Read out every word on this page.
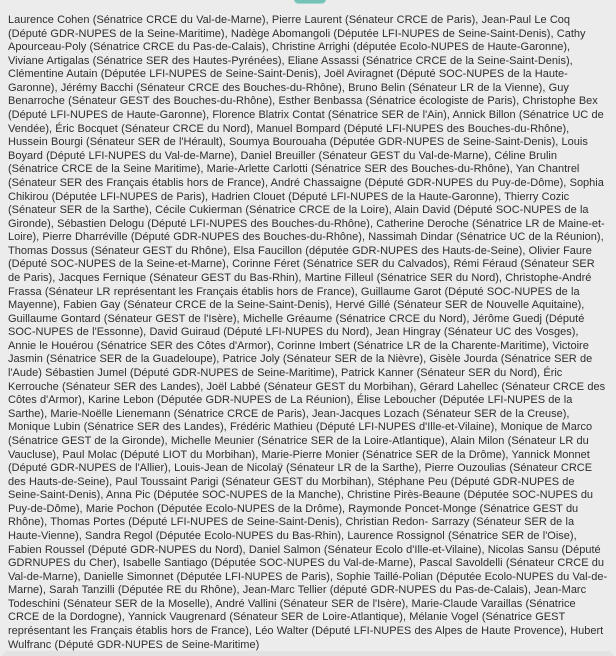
Laurence Cohen (Sénatrice CRCE du Val-de-Marne), Pierre Laurent (Sénateur CRCE de Paris), Jean-Paul Le Coq (Député GDR-NUPES de la Seine-Maritime), Nadège Abomangoli (Députée LFI-NUPES de Seine-Saint-Denis), Cathy Apourceau-Poly (Sénatrice CRCE du Pas-de-Calais), Christine Arrighi (députée Ecolo-NUPES de Haute-Garonne), Viviane Artigalas (Sénatrice SER des Hautes-Pyrénées), Eliane Assassi (Sénatrice CRCE de la Seine-Saint-Denis), Clémentine Autain (Députée LFI-NUPES de Seine-Saint-Denis), Joël Aviragnet (Député SOC-NUPES de la Haute-Garonne), Jérémy Bacchi (Sénateur CRCE des Bouches-du-Rhône), Bruno Belin (Sénateur LR de la Vienne), Guy Benarroche (Sénateur GEST des Bouches-du-Rhône), Esther Benbassa (Sénatrice écologiste de Paris), Christophe Bex (Député LFI-NUPES de Haute-Garonne), Florence Blatrix Contat (Sénatrice SER de l'Ain), Annick Billon (Sénatrice UC de Vendée), Éric Bocquet (Sénateur CRCE du Nord), Manuel Bompard (Député LFI-NUPES des Bouches-du-Rhône), Hussein Bourgi (Sénateur SER de l'Hérault), Soumya Bourouaha (Députée GDR-NUPES de Seine-Saint-Denis), Louis Boyard (Député LFI-NUPES du Val-de-Marne), Daniel Breuiller (Sénateur GEST du Val-de-Marne), Céline Brulin (Sénatrice CRCE de la Seine Maritime), Marie-Arlette Carlotti (Sénatrice SER des Bouches-du-Rhône), Yan Chantrel (Sénateur SER des Français établis hors de France), André Chassaigne (Député GDR-NUPES du Puy-de-Dôme), Sophia Chikirou (Députée LFI-NUPES de Paris), Hadrien Clouet (Député LFI-NUPES de la Haute-Garonne), Thierry Cozic (Sénateur SER de la Sarthe), Cécile Cukierman (Sénatrice CRCE de la Loire), Alain David (Député SOC-NUPES de la Gironde), Sébastien Delogu (Député LFI-NUPES des Bouches-du-Rhône), Catherine Deroche (Sénatrice LR de Maine-et-Loire), Pierre Dharréville (Député GDR-NUPES des Bouches-du-Rhône), Nassimah Dindar (Sénatrice UC de la Réunion), Thomas Dossus (Sénateur GEST du Rhône), Elsa Faucillon (députée GDR-NUPES des Hauts-de-Seine), Olivier Faure (Député SOC-NUPES de la Seine-et-Marne), Corinne Féret (Sénatrice SER du Calvados), Rémi Féraud (Sénateur SER de Paris), Jacques Fernique (Sénateur GEST du Bas-Rhin), Martine Filleul (Sénatrice SER du Nord), Christophe-André Frassa (Sénateur LR représentant les Français établis hors de France), Guillaume Garot (Député SOC-NUPES de la Mayenne), Fabien Gay (Sénateur CRCE de la Seine-Saint-Denis), Hervé Gillé (Sénateur SER de Nouvelle Aquitaine), Guillaume Gontard (Sénateur GEST de l'Isère), Michelle Gréaume (Sénatrice CRCE du Nord), Jérôme Guedj (Député SOC-NUPES de l'Essonne), David Guiraud (Député LFI-NUPES du Nord), Jean Hingray (Sénateur UC des Vosges), Annie le Houérou (Sénatrice SER des Côtes d'Armor), Corinne Imbert (Sénatrice LR de la Charente-Maritime), Victoire Jasmin (Sénatrice SER de la Guadeloupe), Patrice Joly (Sénateur SER de la Nièvre), Gisèle Jourda (Sénatrice SER de l'Aude) Sébastien Jumel (Député GDR-NUPES de Seine-Maritime), Patrick Kanner (Sénateur SER du Nord), Éric Kerrouche (Sénateur SER des Landes), Joël Labbé (Sénateur GEST du Morbihan), Gérard Lahellec (Sénateur CRCE des Côtes d'Armor), Karine Lebon (Députée GDR-NUPES de La Réunion), Élise Leboucher (Députée LFI-NUPES de la Sarthe), Marie-Noëlle Lienemann (Sénatrice CRCE de Paris), Jean-Jacques Lozach (Sénateur SER de la Creuse), Monique Lubin (Sénatrice SER des Landes), Frédéric Mathieu (Député LFI-NUPES d'Ille-et-Vilaine), Monique de Marco (Sénatrice GEST de la Gironde), Michelle Meunier (Sénatrice SER de la Loire-Atlantique), Alain Milon (Sénateur LR du Vaucluse), Paul Molac (Député LIOT du Morbihan), Marie-Pierre Monier (Sénatrice SER de la Drôme), Yannick Monnet (Député GDR-NUPES de l'Allier), Louis-Jean de Nicolaÿ (Sénateur LR de la Sarthe), Pierre Ouzoulias (Sénateur CRCE des Hauts-de-Seine), Paul Toussaint Parigi (Sénateur GEST du Morbihan), Stéphane Peu (Député GDR-NUPES de Seine-Saint-Denis), Anna Pic (Députée SOC-NUPES de la Manche), Christine Pirès-Beaune (Députée SOC-NUPES du Puy-de-Dôme), Marie Pochon (Députée Ecolo-NUPES de la Drôme), Raymonde Poncet-Monge (Sénatrice GEST du Rhône), Thomas Portes (Député LFI-NUPES de Seine-Saint-Denis), Christian Redon- Sarrazy (Sénateur SER de la Haute-Vienne), Sandra Regol (Députée Ecolo-NUPES du Bas-Rhin), Laurence Rossignol (Sénatrice SER de l'Oise), Fabien Roussel (Député GDR-NUPES du Nord), Daniel Salmon (Sénateur Ecolo d'Ille-et-Vilaine), Nicolas Sansu (Député GDRNUPES du Cher), Isabelle Santiago (Députée SOC-NUPES du Val-de-Marne), Pascal Savoldelli (Sénateur CRCE du Val-de-Marne), Danielle Simonnet (Députée LFI-NUPES de Paris), Sophie Taillé-Polian (Députée Ecolo-NUPES du Val-de-Marne), Sarah Tanzilli (Députée RE du Rhône), Jean-Marc Tellier (député GDR-NUPES du Pas-de-Calais), Jean-Marc Todeschini (Sénateur SER de la Moselle), André Vallini (Sénateur SER de l'Isère), Marie-Claude Varaillas (Sénatrice CRCE de la Dordogne), Yannick Vaugrenard (Sénateur SER de Loire-Atlantique), Mélanie Vogel (Sénatrice GEST représentant les Français établis hors de France), Léo Walter (Député LFI-NUPES des Alpes de Haute Provence), Hubert Wulfranc (Député GDR-NUPES de Seine-Maritime)
